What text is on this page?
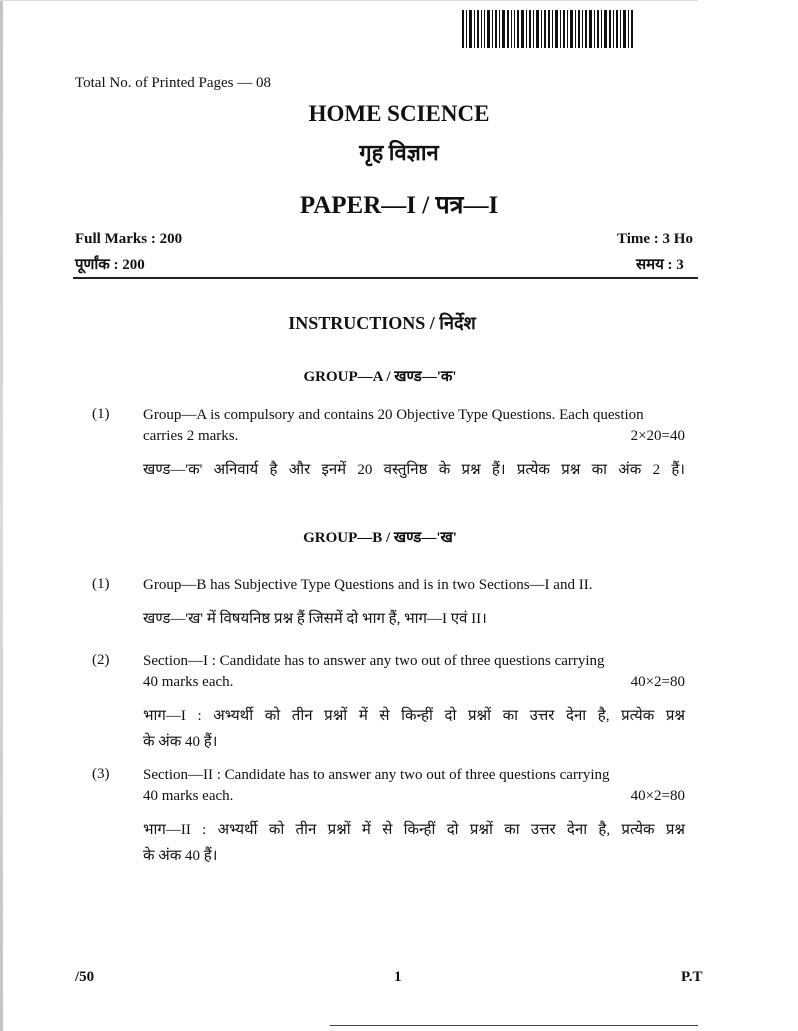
Total No. of Printed Pages — 08
HOME SCIENCE
गृह विज्ञान
PAPER—I / पत्र—I
Full Marks : 200
पूर्णांक : 200
Time : 3 Ho
समय : 3
INSTRUCTIONS / निर्देश
GROUP—A / खण्ड—'क'
(1) Group—A is compulsory and contains 20 Objective Type Questions. Each question
carries 2 marks.	2×20=40
खण्ड—'क' अनिवार्य है और इनमें 20 वस्तुनिष्ठ के प्रश्न हैं। प्रत्येक प्रश्न का अंक 2 हैं।
GROUP—B / खण्ड—'ख'
(1) Group—B has Subjective Type Questions and is in two Sections—I and II.
खण्ड—'ख' में विषयनिष्ठ प्रश्न हैं जिसमें दो भाग हैं, भाग—I एवं II।
(2) Section—I : Candidate has to answer any two out of three questions carrying
40 marks each.	40×2=80
भाग—I : अभ्यर्थी को तीन प्रश्नों में से किन्हीं दो प्रश्नों का उत्तर देना है, प्रत्येक प्रश्न
के अंक 40 हैं।
(3) Section—II : Candidate has to answer any two out of three questions carrying
40 marks each.	40×2=80
भाग—II : अभ्यर्थी को तीन प्रश्नों में से किन्हीं दो प्रश्नों का उत्तर देना है, प्रत्येक प्रश्न
के अंक 40 हैं।
/50	1	P.T
